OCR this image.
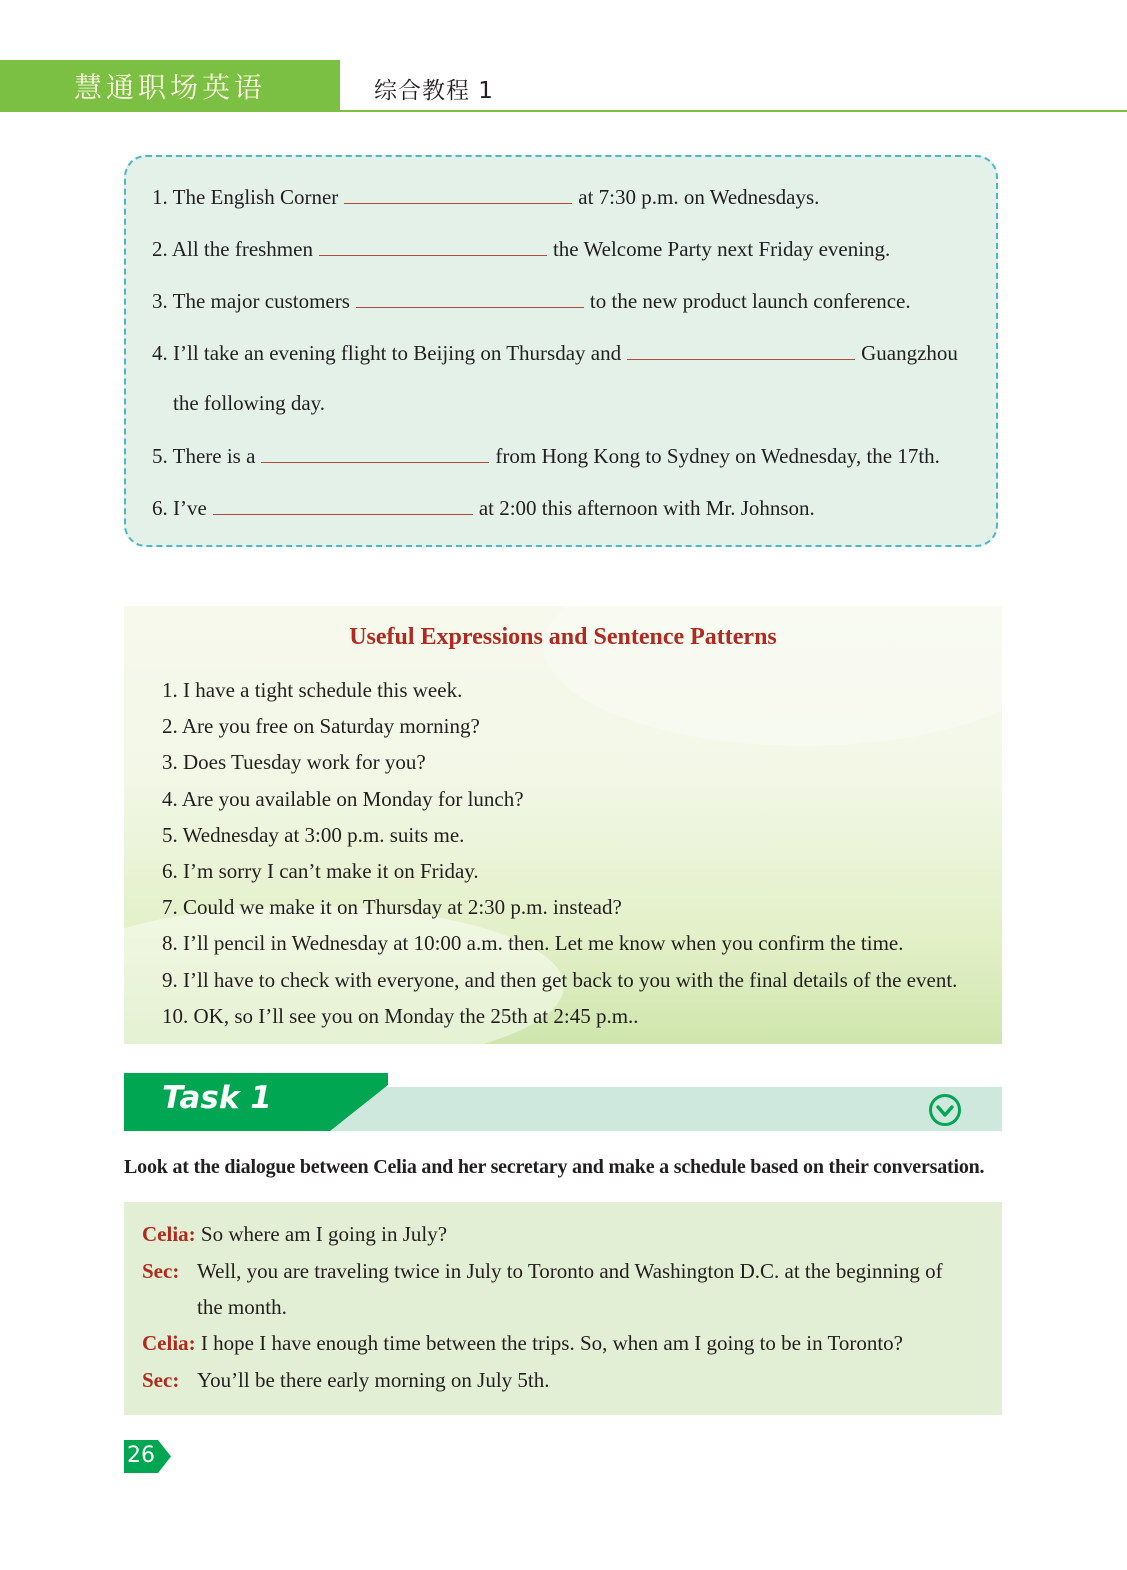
慧通职场英语	综合教程 1
1. The English Corner	at 7:30 p.m. on Wednesdays.
2. All the freshmen	the Welcome Party next Friday evening.
3. The major customers	to the new product launch conference.
4. I’ll take an evening flight to Beijing on Thursday and	Guangzhou
the following day.
5. There is a	from Hong Kong to Sydney on Wednesday, the 17th.
6. I’ve	at 2:00 this afternoon with Mr. Johnson.
Useful Expressions and Sentence Patterns
1. I have a tight schedule this week.
2. Are you free on Saturday morning?
3. Does Tuesday work for you?
4. Are you available on Monday for lunch?
5. Wednesday at 3:00 p.m. suits me.
6. I’m sorry I can’t make it on Friday.
7. Could we make it on Thursday at 2:30 p.m. instead?
8. I’ll pencil in Wednesday at 10:00 a.m. then. Let me know when you confirm the time.
9. I’ll have to check with everyone, and then get back to you with the final details of the event.
10. OK, so I’ll see you on Monday the 25th at 2:45 p.m..
Task 1
Look at the dialogue between Celia and her secretary and make a schedule based on their conversation.
Celia: So where am I going in July?
Sec: Well, you are traveling twice in July to Toronto and Washington D.C. at the beginning of
the month.
Celia: I hope I have enough time between the trips. So, when am I going to be in Toronto?
Sec: You’ll be there early morning on July 5th.
26
